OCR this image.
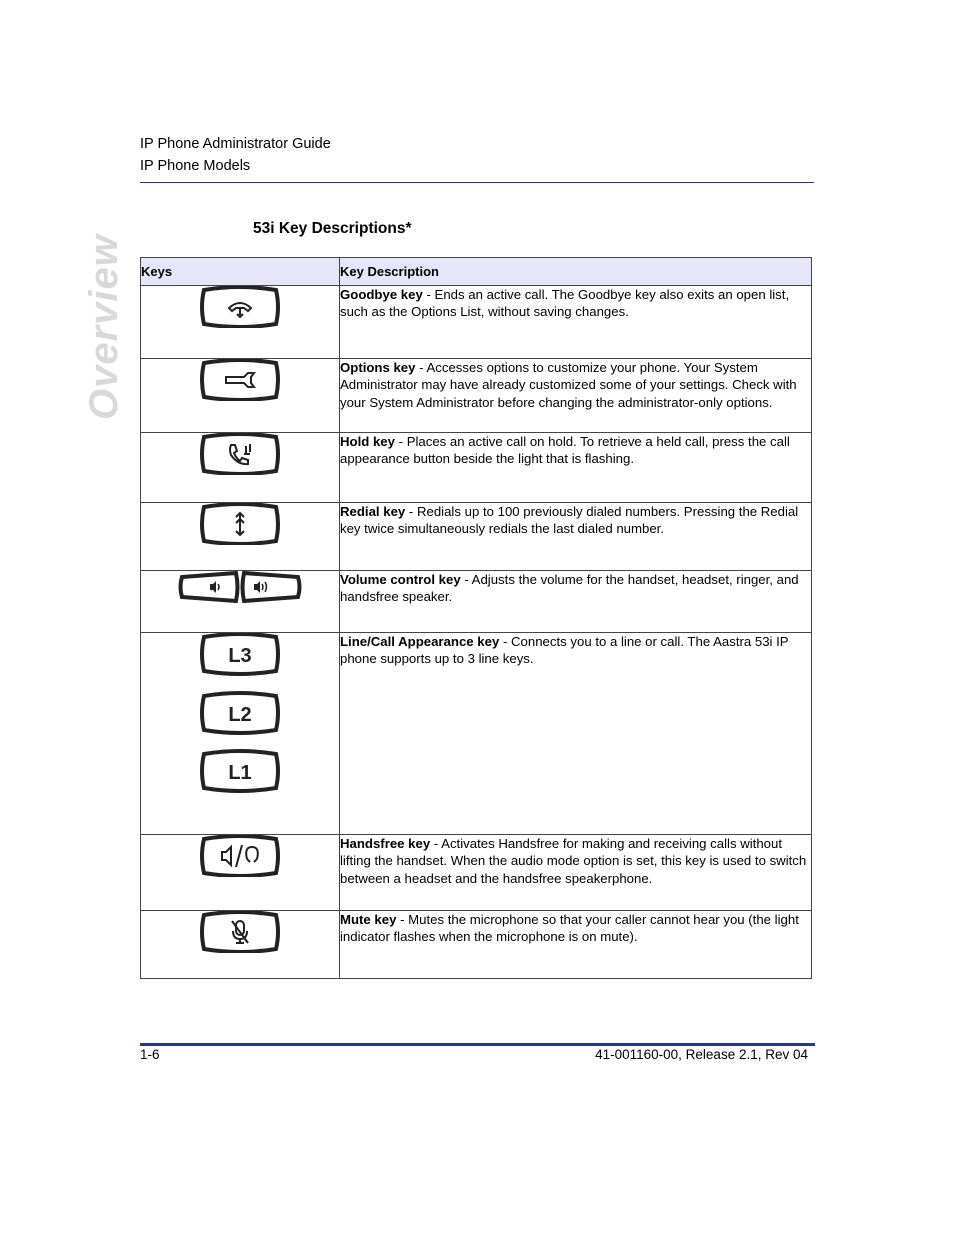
IP Phone Administrator Guide
IP Phone Models
Overview
53i Key Descriptions*
Keys	Key Description

	Goodbye key - Ends an active call. The Goodbye key also exits an open list, such as the Options List, without saving changes.

	Options key - Accesses options to customize your phone. Your System Administrator may have already customized some of your settings. Check with your System Administrator before changing the administrator-only options.

	Hold key - Places an active call on hold. To retrieve a held call, press the call appearance button beside the light that is flashing.

	Redial key - Redials up to 100 previously dialed numbers. Pressing the Redial key twice simultaneously redials the last dialed number.

	Volume control key - Adjusts the volume for the handset, headset, ringer, and handsfree speaker.

L3
L2
L1	Line/Call Appearance key - Connects you to a line or call. The Aastra 53i IP phone supports up to 3 line keys.

	Handsfree key - Activates Handsfree for making and receiving calls without lifting the handset. When the audio mode option is set, this key is used to switch between a headset and the handsfree speakerphone.

	Mute key - Mutes the microphone so that your caller cannot hear you (the light indicator flashes when the microphone is on mute).
1-6	41-001160-00, Release 2.1, Rev 04
